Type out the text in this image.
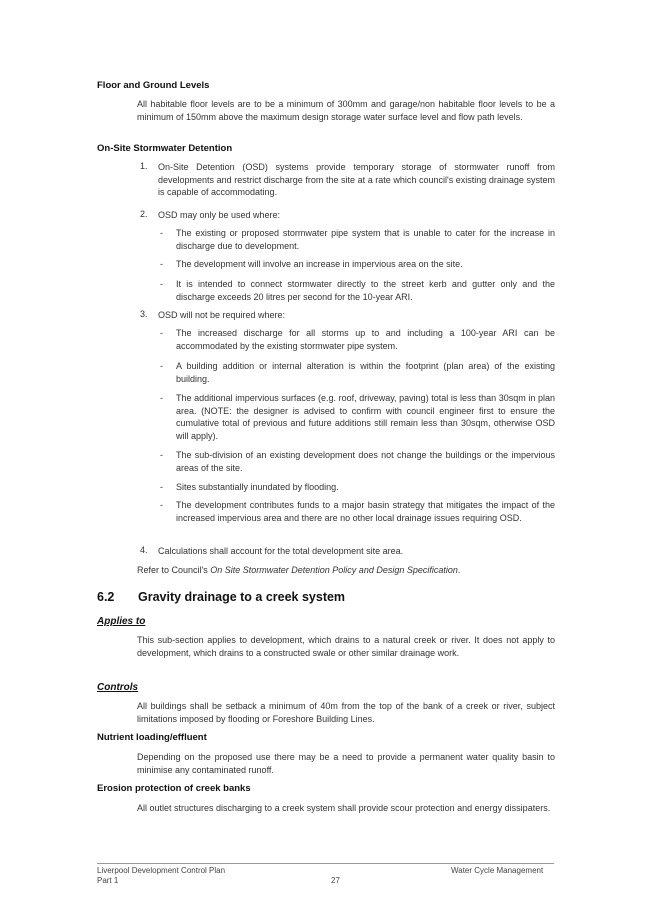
Floor and Ground Levels
All habitable floor levels are to be a minimum of 300mm and garage/non habitable floor levels to be a minimum of 150mm above the maximum design storage water surface level and flow path levels.
On-Site Stormwater Detention
1. On-Site Detention (OSD) systems provide temporary storage of stormwater runoff from developments and restrict discharge from the site at a rate which council's existing drainage system is capable of accommodating.
2. OSD may only be used where:
- The existing or proposed stormwater pipe system that is unable to cater for the increase in discharge due to development.
- The development will involve an increase in impervious area on the site.
- It is intended to connect stormwater directly to the street kerb and gutter only and the discharge exceeds 20 litres per second for the 10-year ARI.
3. OSD will not be required where:
- The increased discharge for all storms up to and including a 100-year ARI can be accommodated by the existing stormwater pipe system.
- A building addition or internal alteration is within the footprint (plan area) of the existing building.
- The additional impervious surfaces (e.g. roof, driveway, paving) total is less than 30sqm in plan area. (NOTE: the designer is advised to confirm with council engineer first to ensure the cumulative total of previous and future additions still remain less than 30sqm, otherwise OSD will apply).
- The sub-division of an existing development does not change the buildings or the impervious areas of the site.
- Sites substantially inundated by flooding.
- The development contributes funds to a major basin strategy that mitigates the impact of the increased impervious area and there are no other local drainage issues requiring OSD.
4. Calculations shall account for the total development site area.
Refer to Council's On Site Stormwater Detention Policy and Design Specification.
6.2 Gravity drainage to a creek system
Applies to
This sub-section applies to development, which drains to a natural creek or river. It does not apply to development, which drains to a constructed swale or other similar drainage work.
Controls
All buildings shall be setback a minimum of 40m from the top of the bank of a creek or river, subject limitations imposed by flooding or Foreshore Building Lines.
Nutrient loading/effluent
Depending on the proposed use there may be a need to provide a permanent water quality basin to minimise any contaminated runoff.
Erosion protection of creek banks
All outlet structures discharging to a creek system shall provide scour protection and energy dissipaters.
Liverpool Development Control Plan
Part 1	27
Water Cycle Management
